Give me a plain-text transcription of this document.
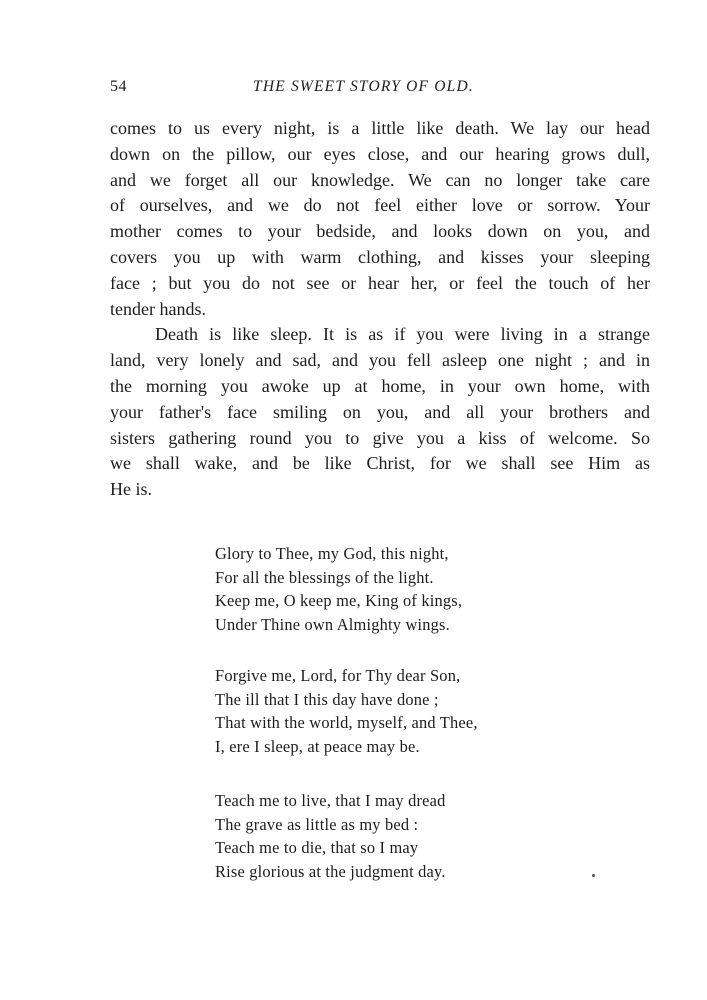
54	THE SWEET STORY OF OLD.

comes to us every night, is a little like death. We lay our head
down on the pillow, our eyes close, and our hearing grows dull,
and we forget all our knowledge. We can no longer take care
of ourselves, and we do not feel either love or sorrow. Your
mother comes to your bedside, and looks down on you, and
covers you up with warm clothing, and kisses your sleeping
face ; but you do not see or hear her, or feel the touch of her
tender hands.

Death is like sleep. It is as if you were living in a strange
land, very lonely and sad, and you fell asleep one night ; and in
the morning you awoke up at home, in your own home, with
your father's face smiling on you, and all your brothers and
sisters gathering round you to give you a kiss of welcome. So
we shall wake, and be like Christ, for we shall see Him as
He is.

Glory to Thee, my God, this night,
For all the blessings of the light.
Keep me, O keep me, King of kings,
Under Thine own Almighty wings.
Forgive me, Lord, for Thy dear Son,
The ill that I this day have done ;
That with the world, myself, and Thee,
I, ere I sleep, at peace may be.
Teach me to live, that I may dread
The grave as little as my bed :
Teach me to die, that so I may
Rise glorious at the judgment day.
